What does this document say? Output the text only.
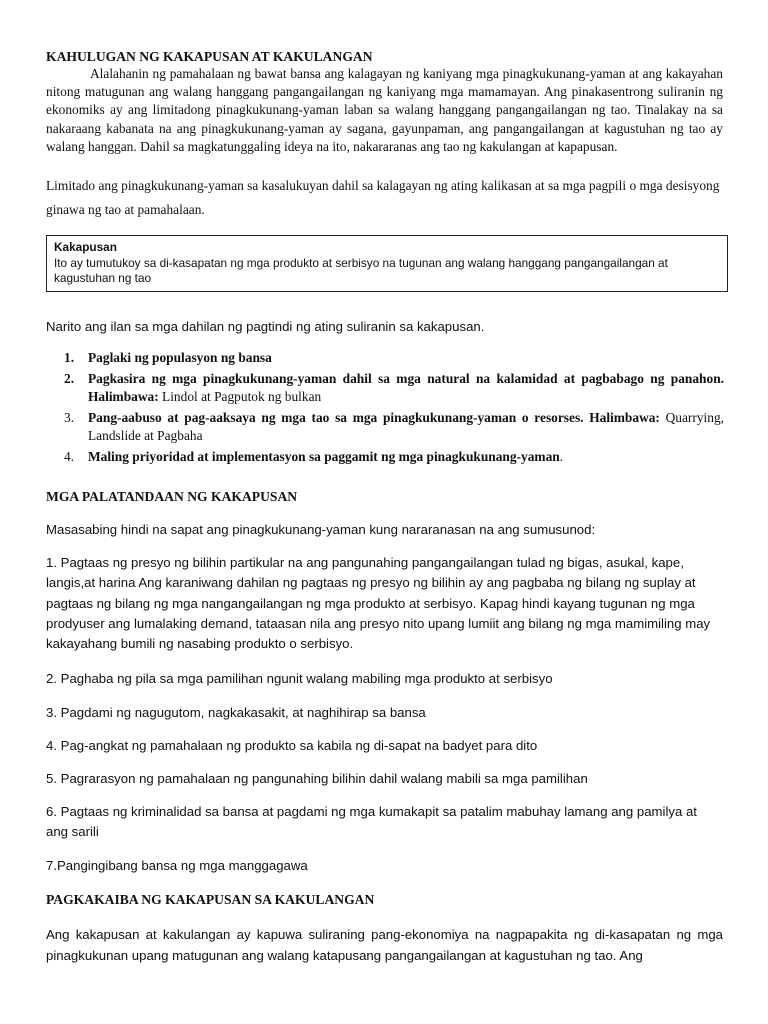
KAHULUGAN NG KAKAPUSAN AT KAKULANGAN

Alalahanin ng pamahalaan ng bawat bansa ang kalagayan ng kaniyang mga pinagkukunang-yaman at ang kakayahan nitong matugunan ang walang hanggang pangangailangan ng kaniyang mga mamamayan. Ang pinakasentrong suliranin ng ekonomiks ay ang limitadong pinagkukunang-yaman laban sa walang hanggang pangangailangan ng tao. Tinalakay na sa nakaraang kabanata na ang pinagkukunang-yaman ay sagana, gayunpaman, ang pangangailangan at kagustuhan ng tao ay walang hanggan. Dahil sa magkatunggaling ideya na ito, nakararanas ang tao ng kakulangan at kapapusan.

Limitado ang pinagkukunang-yaman sa kasalukuyan dahil sa kalagayan ng ating kalikasan at sa mga pagpili o mga desisyong ginawa ng tao at pamahalaan.

Kakapusan
Ito ay tumutukoy sa di-kasapatan ng mga produkto at serbisyo na tugunan ang walang hanggang pangangailangan at kagustuhan ng tao

Narito ang ilan sa mga dahilan ng pagtindi ng ating suliranin sa kakapusan.

1.	Paglaki ng populasyon ng bansa
2.	Pagkasira ng mga pinagkukunang-yaman dahil sa mga natural na kalamidad at pagbabago ng panahon. Halimbawa: Lindol at Pagputok ng bulkan
3.	Pang-aabuso at pag-aaksaya ng mga tao sa mga pinagkukunang-yaman o resorses. Halimbawa: Quarrying, Landslide at Pagbaha
4.	Maling priyoridad at implementasyon sa paggamit ng mga pinagkukunang-yaman.

MGA PALATANDAAN NG KAKAPUSAN

Masasabing hindi na sapat ang pinagkukunang-yaman kung nararanasan na ang sumusunod:

1. Pagtaas ng presyo ng bilihin partikular na ang pangunahing pangangailangan tulad ng bigas, asukal, kape, langis,at harina Ang karaniwang dahilan ng pagtaas ng presyo ng bilihin ay ang pagbaba ng bilang ng suplay at pagtaas ng bilang ng mga nangangailangan ng mga produkto at serbisyo. Kapag hindi kayang tugunan ng mga prodyuser ang lumalaking demand, tataasan nila ang presyo nito upang lumiit ang bilang ng mga mamimiling may kakayahang bumili ng nasabing produkto o serbisyo.

2. Paghaba ng pila sa mga pamilihan ngunit walang mabiling mga produkto at serbisyo

3. Pagdami ng nagugutom, nagkakasakit, at naghihirap sa bansa

4. Pag-angkat ng pamahalaan ng produkto sa kabila ng di-sapat na badyet para dito

5. Pagrarasyon ng pamahalaan ng pangunahing bilihin dahil walang mabili sa mga pamilihan

6. Pagtaas ng kriminalidad sa bansa at pagdami ng mga kumakapit sa patalim mabuhay lamang ang pamilya at ang sarili

7.Pangingibang bansa ng mga manggagawa

PAGKAKAIBA NG KAKAPUSAN SA KAKULANGAN

Ang kakapusan at kakulangan ay kapuwa suliraning pang-ekonomiya na nagpapakita ng di-kasapatan ng mga pinagkukunan upang matugunan ang walang katapusang pangangailangan at kagustuhan ng tao. Ang
